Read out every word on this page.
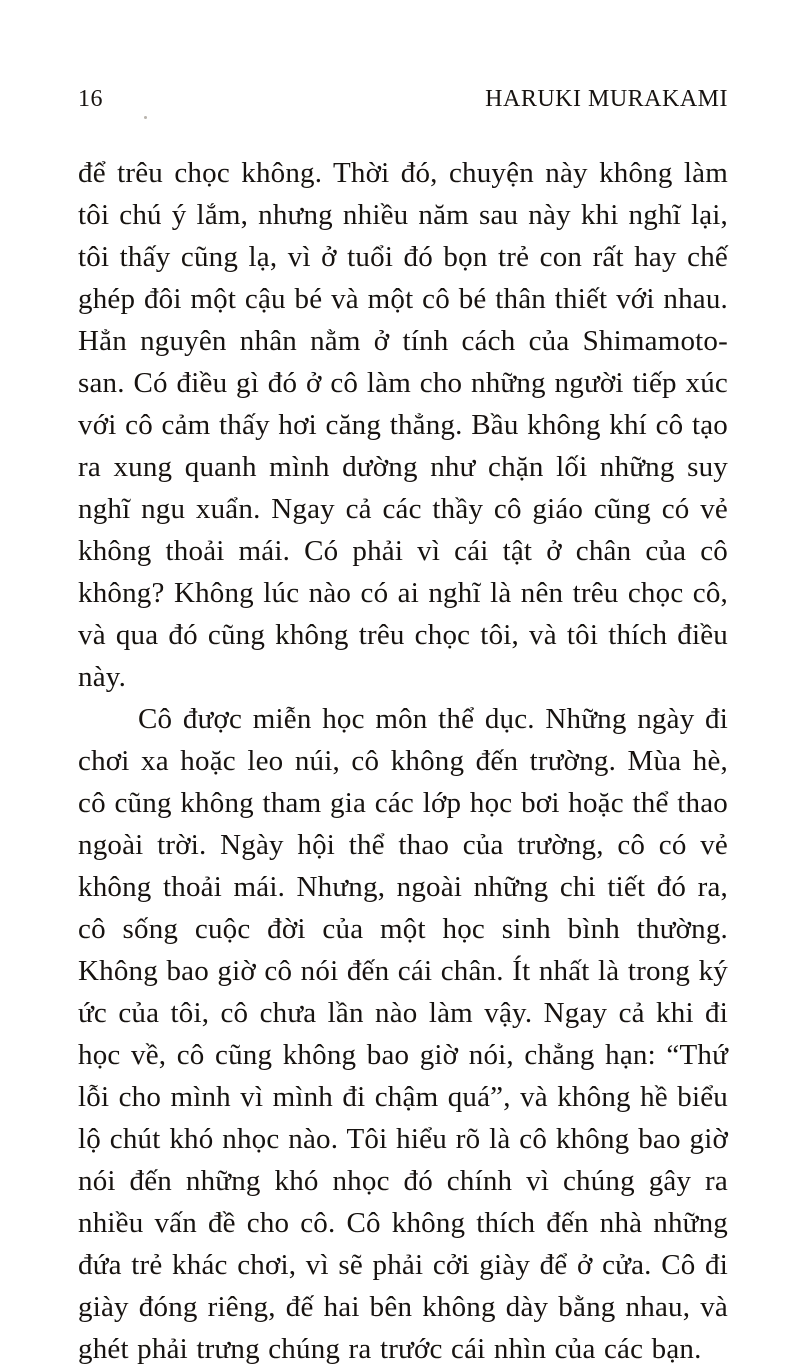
16	HARUKI MURAKAMI

để trêu chọc không. Thời đó, chuyện này không làm tôi chú ý lắm, nhưng nhiều năm sau này khi nghĩ lại, tôi thấy cũng lạ, vì ở tuổi đó bọn trẻ con rất hay chế ghép đôi một cậu bé và một cô bé thân thiết với nhau. Hẳn nguyên nhân nằm ở tính cách của Shimamoto-san. Có điều gì đó ở cô làm cho những người tiếp xúc với cô cảm thấy hơi căng thẳng. Bầu không khí cô tạo ra xung quanh mình dường như chặn lối những suy nghĩ ngu xuẩn. Ngay cả các thầy cô giáo cũng có vẻ không thoải mái. Có phải vì cái tật ở chân của cô không? Không lúc nào có ai nghĩ là nên trêu chọc cô, và qua đó cũng không trêu chọc tôi, và tôi thích điều này.

Cô được miễn học môn thể dục. Những ngày đi chơi xa hoặc leo núi, cô không đến trường. Mùa hè, cô cũng không tham gia các lớp học bơi hoặc thể thao ngoài trời. Ngày hội thể thao của trường, cô có vẻ không thoải mái. Nhưng, ngoài những chi tiết đó ra, cô sống cuộc đời của một học sinh bình thường. Không bao giờ cô nói đến cái chân. Ít nhất là trong ký ức của tôi, cô chưa lần nào làm vậy. Ngay cả khi đi học về, cô cũng không bao giờ nói, chẳng hạn: “Thứ lỗi cho mình vì mình đi chậm quá”, và không hề biểu lộ chút khó nhọc nào. Tôi hiểu rõ là cô không bao giờ nói đến những khó nhọc đó chính vì chúng gây ra nhiều vấn đề cho cô. Cô không thích đến nhà những đứa trẻ khác chơi, vì sẽ phải cởi giày để ở cửa. Cô đi giày đóng riêng, đế hai bên không dày bằng nhau, và ghét phải trưng chúng ra trước cái nhìn của các bạn.
